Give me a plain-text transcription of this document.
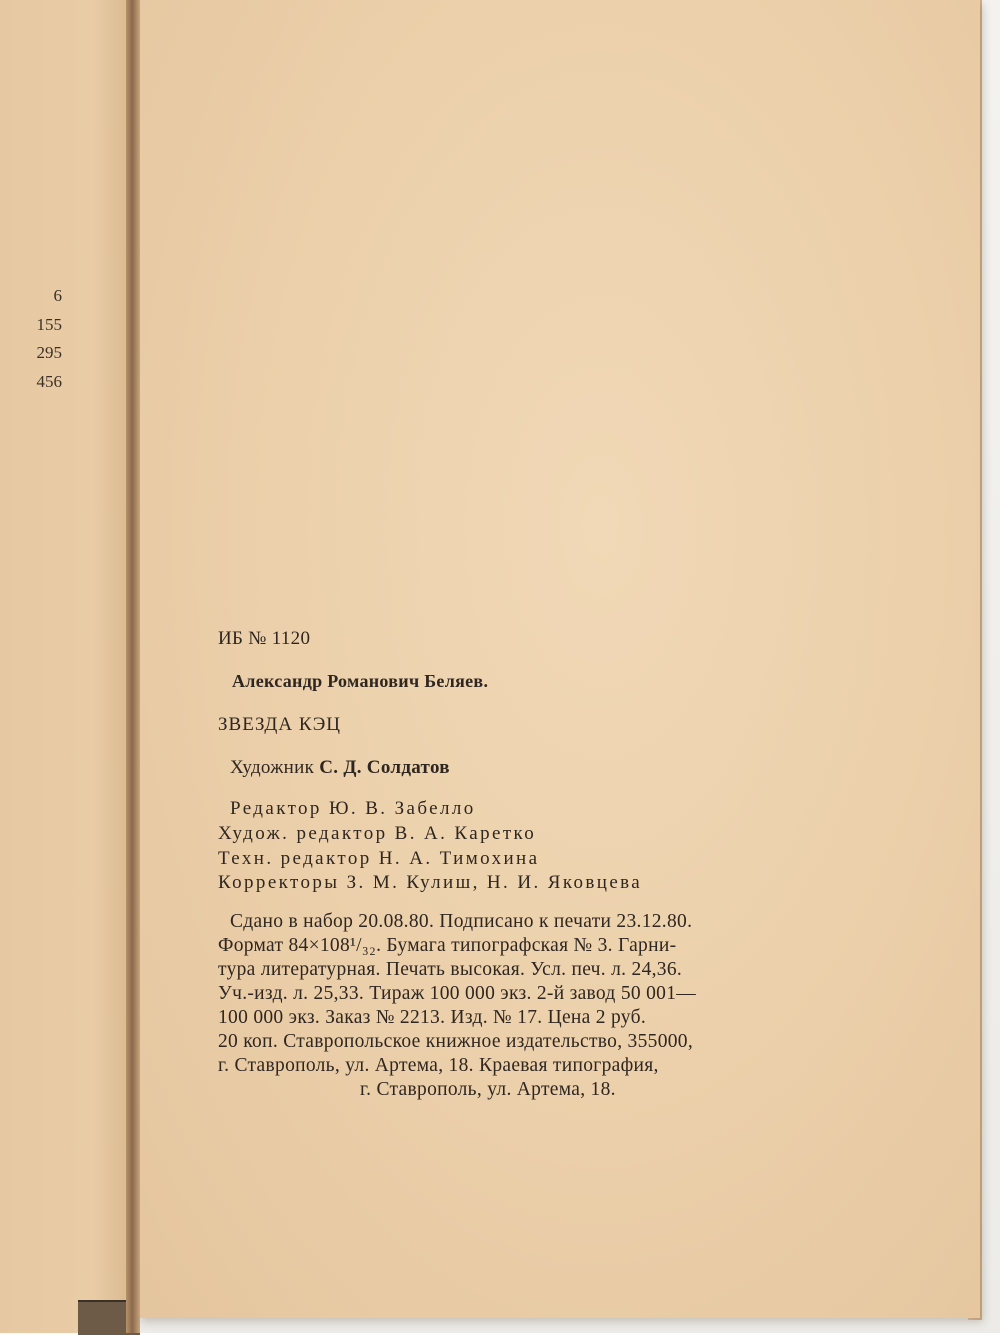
6
155
295
456
ИБ № 1120
Александр Романович Беляев.
ЗВЕЗДА КЭЦ
Художник С. Д. Солдатов
Редактор Ю. В. Забелло
Худож. редактор В. А. Каретко
Техн. редактор Н. А. Тимохина
Корректоры З. М. Кулиш, Н. И. Яковцева
Сдано в набор 20.08.80. Подписано к печати 23.12.80.
Формат 84×108¹/₃₂. Бумага типографская № 3. Гарни-
тура литературная. Печать высокая. Усл. печ. л. 24,36.
Уч.-изд. л. 25,33. Тираж 100 000 экз. 2-й завод 50 001—
100 000 экз. Заказ № 2213. Изд. № 17. Цена 2 руб.
20 коп. Ставропольское книжное издательство, 355000,
г. Ставрополь, ул. Артема, 18. Краевая типография,
г. Ставрополь, ул. Артема, 18.
